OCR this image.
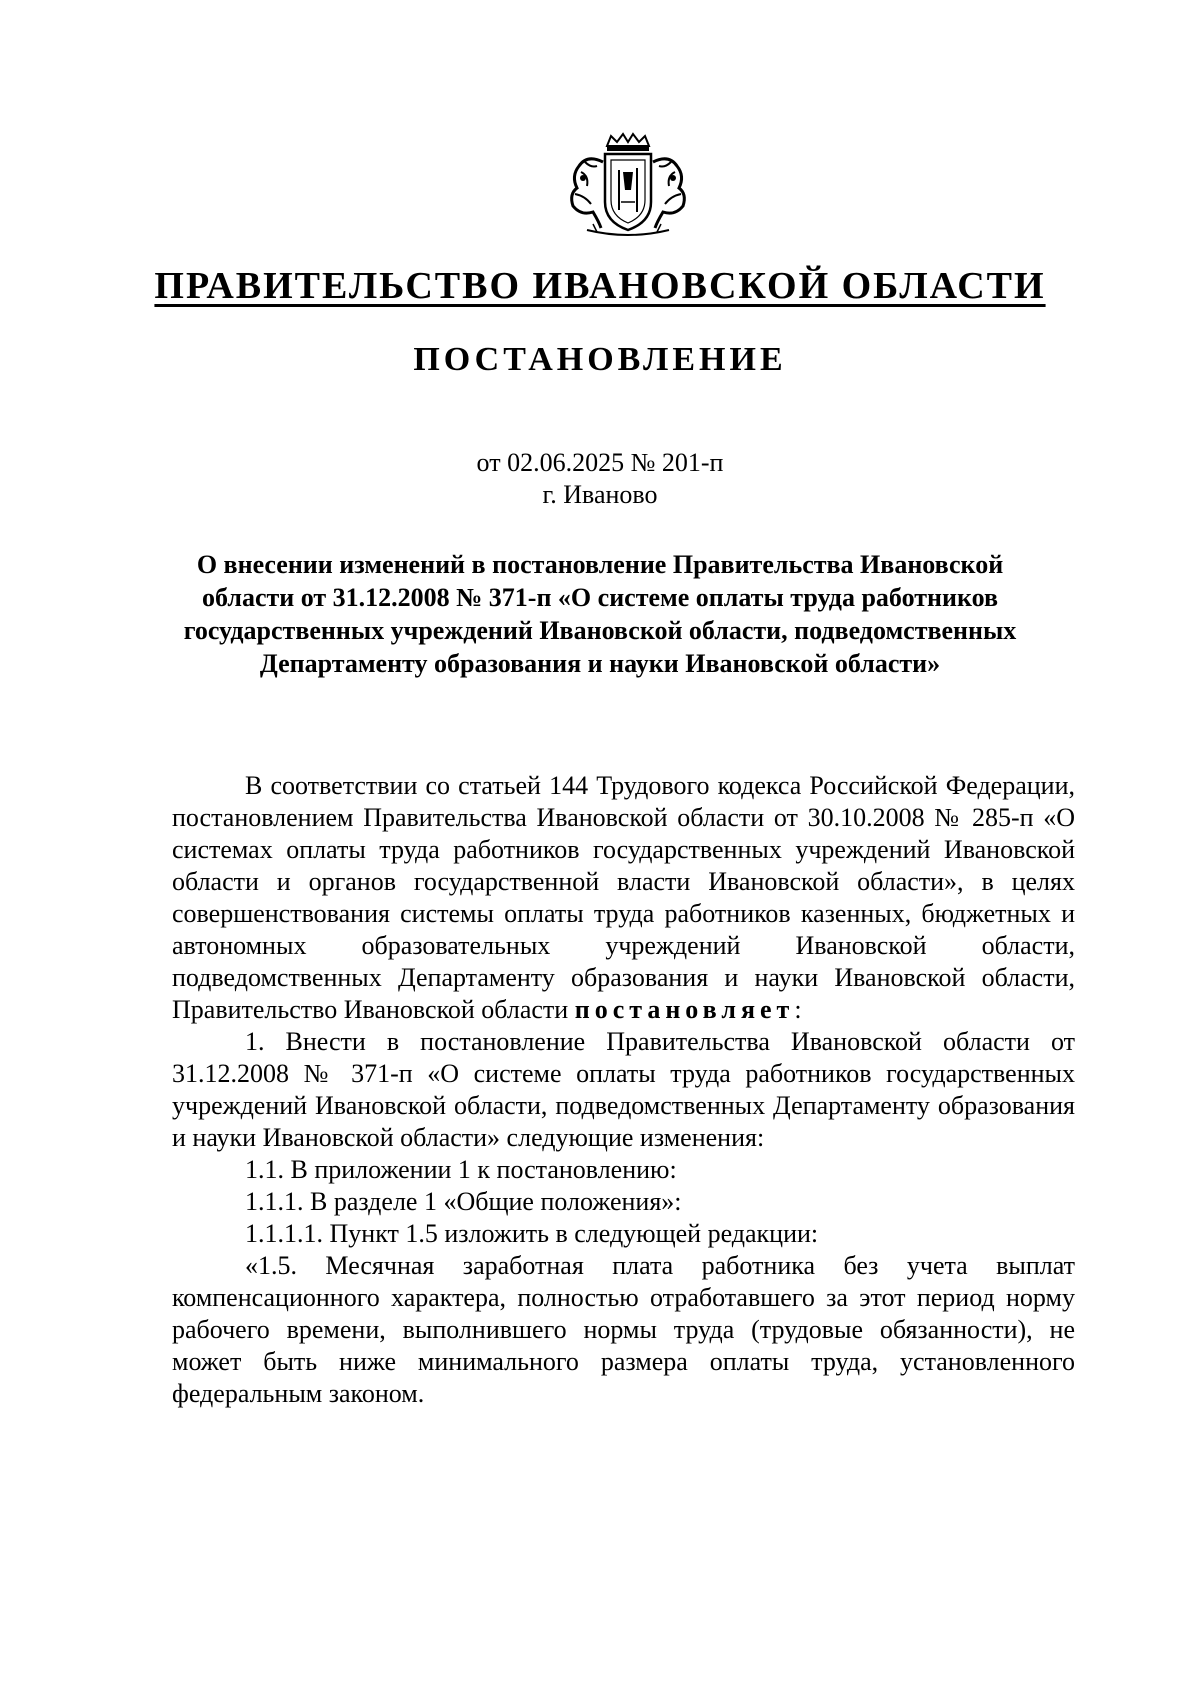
ПРАВИТЕЛЬСТВО ИВАНОВСКОЙ ОБЛАСТИ
ПОСТАНОВЛЕНИЕ
от 02.06.2025 № 201-п
г. Иваново
О внесении изменений в постановление Правительства Ивановской области от 31.12.2008 № 371-п «О системе оплаты труда работников государственных учреждений Ивановской области, подведомственных Департаменту образования и науки Ивановской области»

В соответствии со статьей 144 Трудового кодекса Российской Федерации, постановлением Правительства Ивановской области от 30.10.2008 № 285-п «О системах оплаты труда работников государственных учреждений Ивановской области и органов государственной власти Ивановской области», в целях совершенствования системы оплаты труда работников казенных, бюджетных и автономных образовательных учреждений Ивановской области, подведомственных Департаменту образования и науки Ивановской области, Правительство Ивановской области постановляет:

1. Внести в постановление Правительства Ивановской области от 31.12.2008 № 371-п «О системе оплаты труда работников государственных учреждений Ивановской области, подведомственных Департаменту образования и науки Ивановской области» следующие изменения:

1.1. В приложении 1 к постановлению:

1.1.1. В разделе 1 «Общие положения»:

1.1.1.1. Пункт 1.5 изложить в следующей редакции:

«1.5. Месячная заработная плата работника без учета выплат компенсационного характера, полностью отработавшего за этот период норму рабочего времени, выполнившего нормы труда (трудовые обязанности), не может быть ниже минимального размера оплаты труда, установленного федеральным законом.
